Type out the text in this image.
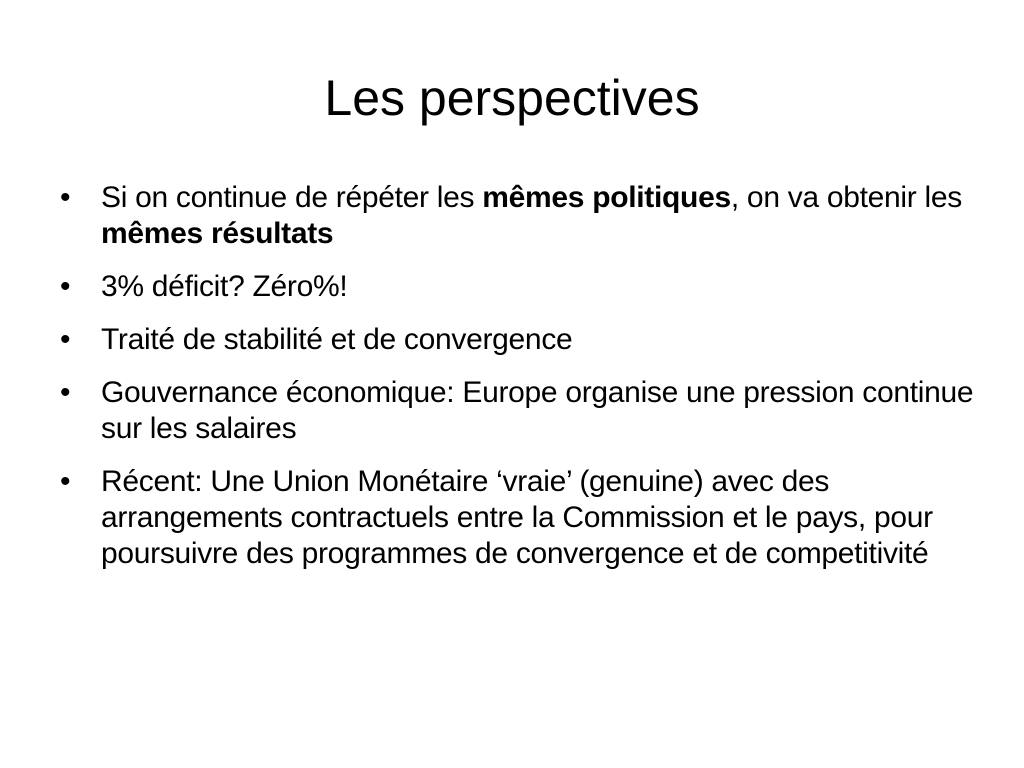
Les perspectives
•	Si on continue de répéter les mêmes politiques, on va obtenir les mêmes résultats
•	3% déficit? Zéro%!
•	Traité de stabilité et de convergence
•	Gouvernance économique: Europe organise une pression continue sur les salaires
•	Récent: Une Union Monétaire ‘vraie’ (genuine) avec des arrangements contractuels entre la Commission et le pays, pour poursuivre des programmes de convergence et de competitivité
